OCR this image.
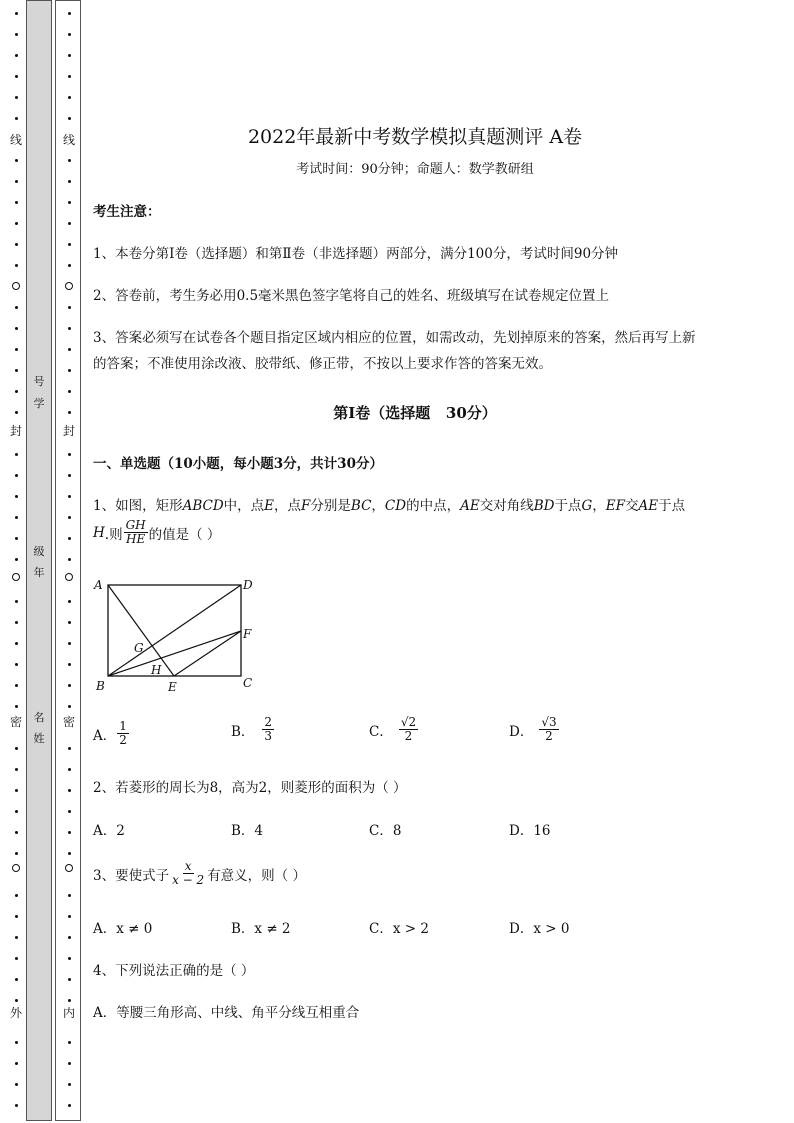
号
学
级
年
名
姓
线
封
密
外
线
封
密
内
2022年最新中考数学模拟真题测评 A卷
考试时间：90分钟；命题人：数学教研组
考生注意：
1、本卷分第I卷（选择题）和第Ⅱ卷（非选择题）两部分，满分100分，考试时间90分钟
2、答卷前，考生务必用0.5毫米黑色签字笔将自己的姓名、班级填写在试卷规定位置上
3、答案必须写在试卷各个题目指定区域内相应的位置，如需改动，先划掉原来的答案，然后再写上新
的答案；不准使用涂改液、胶带纸、修正带，不按以上要求作答的答案无效。
第I卷（选择题   30分）
一、单选题（10小题，每小题3分，共计30分）
1、如图，矩形ABCD中，点E，点F分别是BC，CD的中点，AE交对角线BD于点G，EF交AE于点
H .则 $\frac{GH}{HE}$ 的值是（ ）
A	D
F
G
H
B	E	C
A． $\frac{1}{2}$	B． $\frac{2}{3}$	C． $\frac{√2}{2}$	D． $\frac{√3}{2}$
2、若菱形的周长为8，高为2，则菱形的面积为（ ）
A．2	B．4	C．8	D．16
3、要使式子 $\frac{x}{x - 2}$ 有意义，则（ ）
A．x ≠ 0	B．x ≠ 2	C．x > 2	D．x > 0
4、下列说法正确的是（ ）
A．等腰三角形高、中线、角平分线互相重合
